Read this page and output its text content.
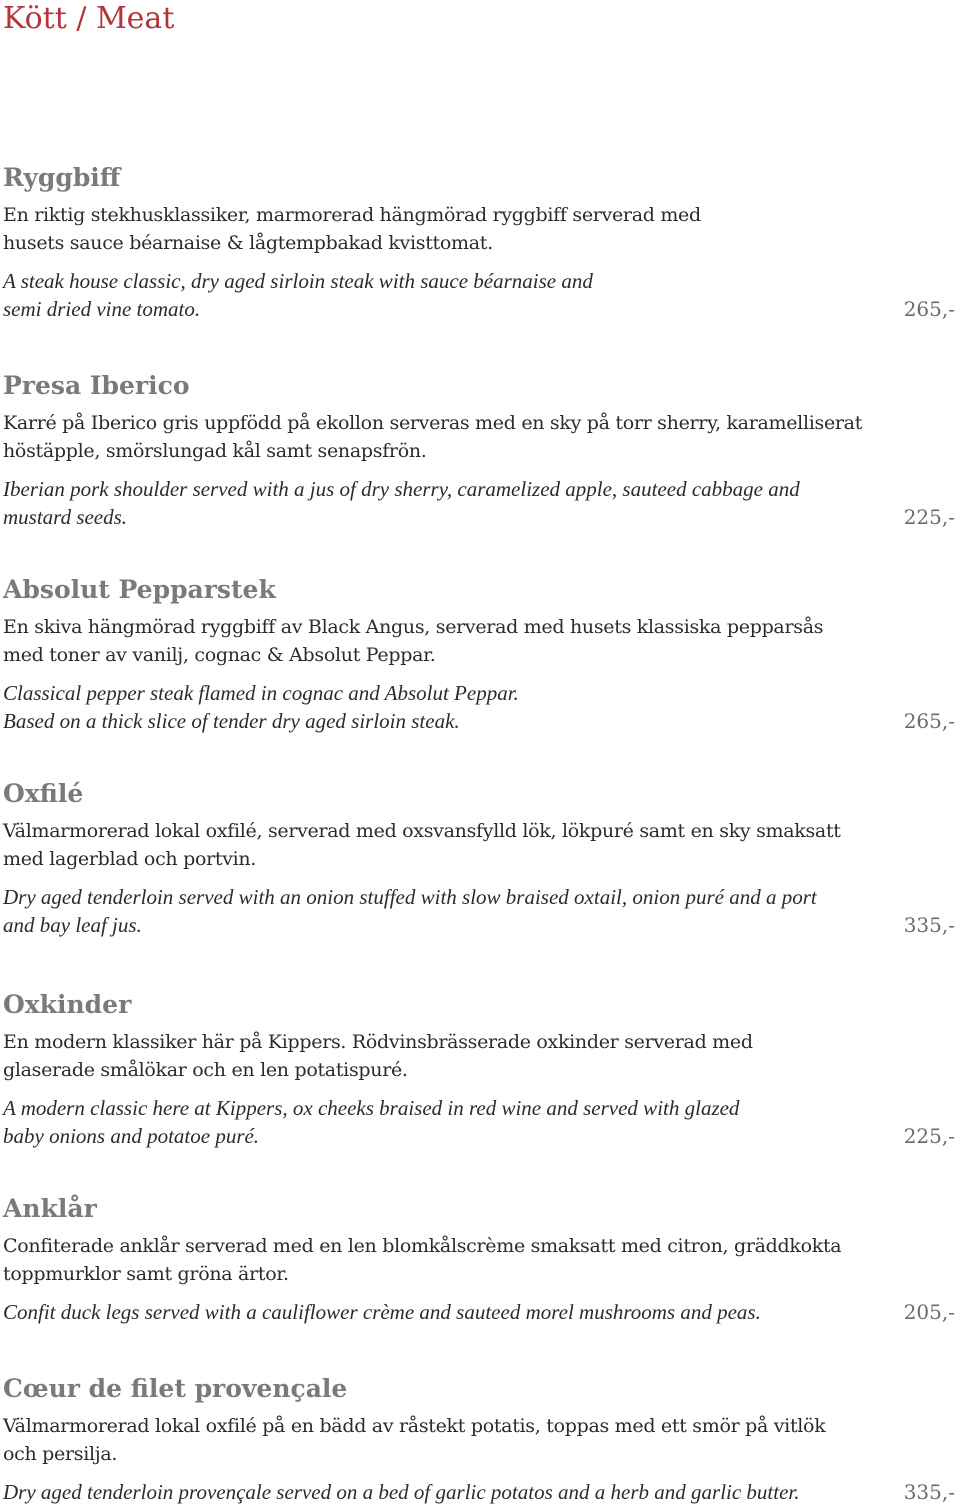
Kött / Meat
Ryggbiff

En riktig stekhusklassiker, marmorerad hängmörad ryggbiff serverad med
husets sauce béarnaise & lågtempbakad kvisttomat.

A steak house classic, dry aged sirloin steak with sauce béarnaise and
semi dried vine tomato.	265,-
Presa Iberico

Karré på Iberico gris uppfödd på ekollon serveras med en sky på torr sherry, karamelliserat
höstäpple, smörslungad kål samt senapsfrön.

Iberian pork shoulder served with a jus of dry sherry, caramelized apple, sauteed cabbage and
mustard seeds.	225,-
Absolut Pepparstek

En skiva hängmörad ryggbiff av Black Angus, serverad med husets klassiska pepparsås
med toner av vanilj, cognac & Absolut Peppar.

Classical pepper steak flamed in cognac and Absolut Peppar.
Based on a thick slice of tender dry aged sirloin steak.	265,-
Oxfilé

Välmarmorerad lokal oxfilé, serverad med oxsvansfylld lök, lökpuré samt en sky smaksatt
med lagerblad och portvin.

Dry aged tenderloin served with an onion stuffed with slow braised oxtail, onion puré and a port
and bay leaf jus.	335,-
Oxkinder

En modern klassiker här på Kippers. Rödvinsbrässerade oxkinder serverad med
glaserade smålökar och en len potatispuré.

A modern classic here at Kippers, ox cheeks braised in red wine and served with glazed
baby onions and potatoe puré.	225,-
Anklår

Confiterade anklår serverad med en len blomkålscrème smaksatt med citron, gräddkokta
toppmurklor samt gröna ärtor.

Confit duck legs served with a cauliflower crème and sauteed morel mushrooms and peas.	205,-
Cœur de filet provençale

Välmarmorerad lokal oxfilé på en bädd av råstekt potatis, toppas med ett smör på vitlök
och persilja.

Dry aged tenderloin provençale served on a bed of garlic potatos and a herb and garlic butter.	335,-
